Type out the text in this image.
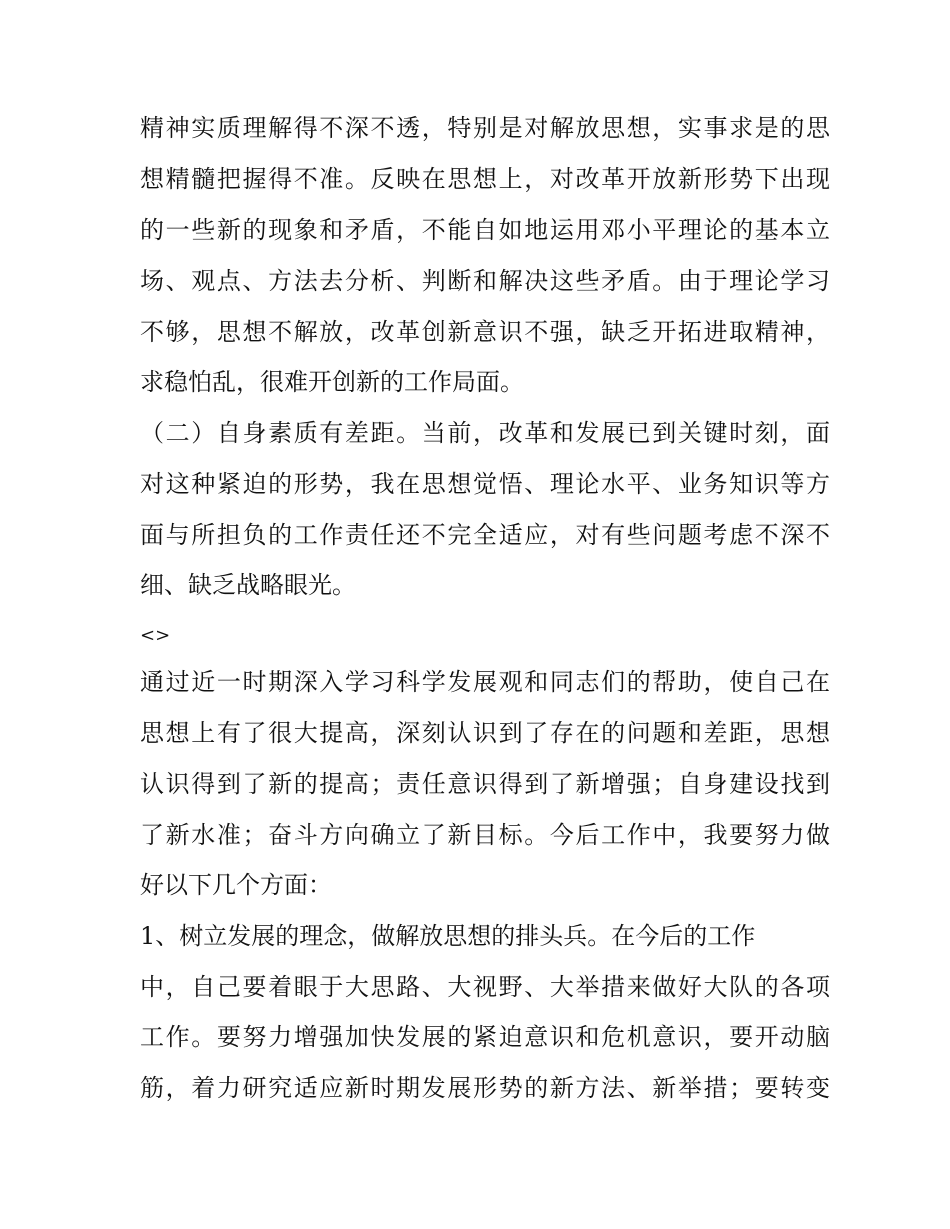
精神实质理解得不深不透，特别是对解放思想，实事求是的思
想精髓把握得不准。反映在思想上，对改革开放新形势下出现
的一些新的现象和矛盾，不能自如地运用邓小平理论的基本立
场、观点、方法去分析、判断和解决这些矛盾。由于理论学习
不够，思想不解放，改革创新意识不强，缺乏开拓进取精神，
求稳怕乱，很难开创新的工作局面。
（二）自身素质有差距。当前，改革和发展已到关键时刻，面
对这种紧迫的形势，我在思想觉悟、理论水平、业务知识等方
面与所担负的工作责任还不完全适应，对有些问题考虑不深不
细、缺乏战略眼光。
<>
通过近一时期深入学习科学发展观和同志们的帮助，使自己在
思想上有了很大提高，深刻认识到了存在的问题和差距，思想
认识得到了新的提高；责任意识得到了新增强；自身建设找到
了新水准；奋斗方向确立了新目标。今后工作中，我要努力做
好以下几个方面：
1、树立发展的理念，做解放思想的排头兵。在今后的工作
中，自己要着眼于大思路、大视野、大举措来做好大队的各项
工作。要努力增强加快发展的紧迫意识和危机意识，要开动脑
筋，着力研究适应新时期发展形势的新方法、新举措；要转变
